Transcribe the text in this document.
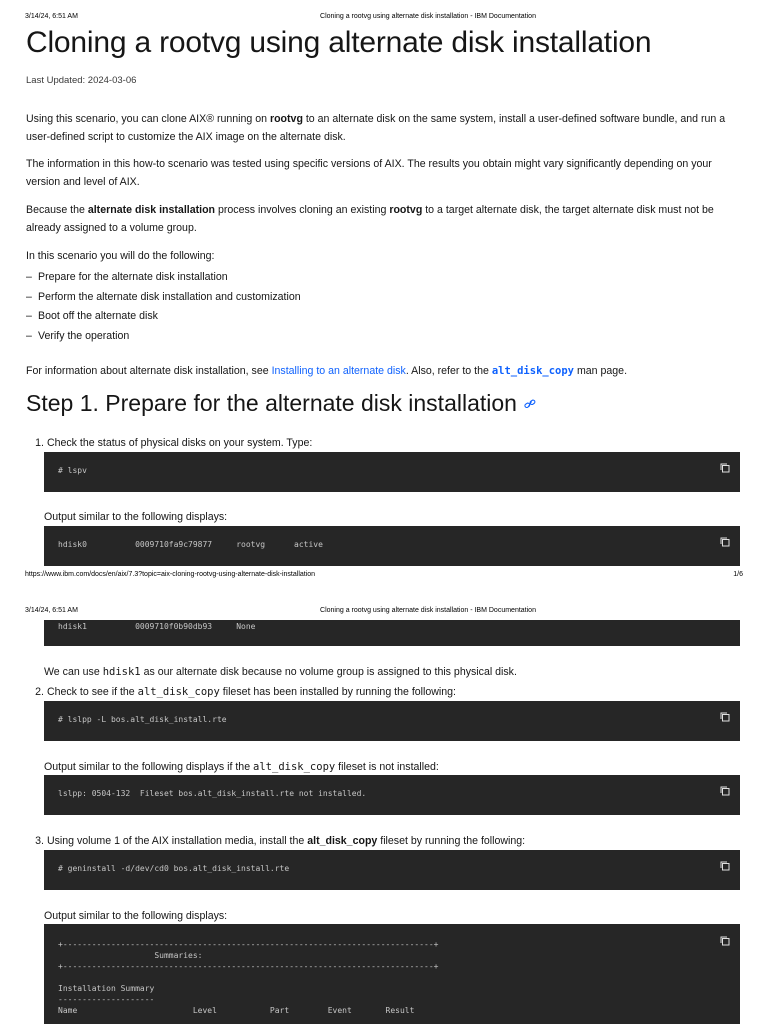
3/14/24, 6:51 AM	Cloning a rootvg using alternate disk installation - IBM Documentation
Cloning a rootvg using alternate disk installation
Last Updated: 2024-03-06
Using this scenario, you can clone AIX® running on rootvg to an alternate disk on the same system, install a user-defined software bundle, and run a user-defined script to customize the AIX image on the alternate disk.
The information in this how-to scenario was tested using specific versions of AIX. The results you obtain might vary significantly depending on your version and level of AIX.
Because the alternate disk installation process involves cloning an existing rootvg to a target alternate disk, the target alternate disk must not be already assigned to a volume group.
In this scenario you will do the following:
– Prepare for the alternate disk installation
– Perform the alternate disk installation and customization
– Boot off the alternate disk
– Verify the operation
For information about alternate disk installation, see Installing to an alternate disk. Also, refer to the alt_disk_copy man page.
Step 1. Prepare for the alternate disk installation
1. Check the status of physical disks on your system. Type:
# lspv
Output similar to the following displays:
hdisk0          0009710fa9c79877     rootvg      active
https://www.ibm.com/docs/en/aix/7.3?topic=aix-cloning-rootvg-using-alternate-disk-installation	1/6
3/14/24, 6:51 AM	Cloning a rootvg using alternate disk installation - IBM Documentation
hdisk1          0009710f0b90db93     None
We can use hdisk1 as our alternate disk because no volume group is assigned to this physical disk.
2. Check to see if the alt_disk_copy fileset has been installed by running the following:
# lslpp -L bos.alt_disk_install.rte
Output similar to the following displays if the alt_disk_copy fileset is not installed:
lslpp: 0504-132  Fileset bos.alt_disk_install.rte not installed.
3. Using volume 1 of the AIX installation media, install the alt_disk_copy fileset by running the following:
# geninstall -d/dev/cd0 bos.alt_disk_install.rte
Output similar to the following displays:
+-----------------------------------------------------------------------------+
Summaries:
+-----------------------------------------------------------------------------+
Installation Summary
--------------------
Name                        Level           Part        Event       Result
